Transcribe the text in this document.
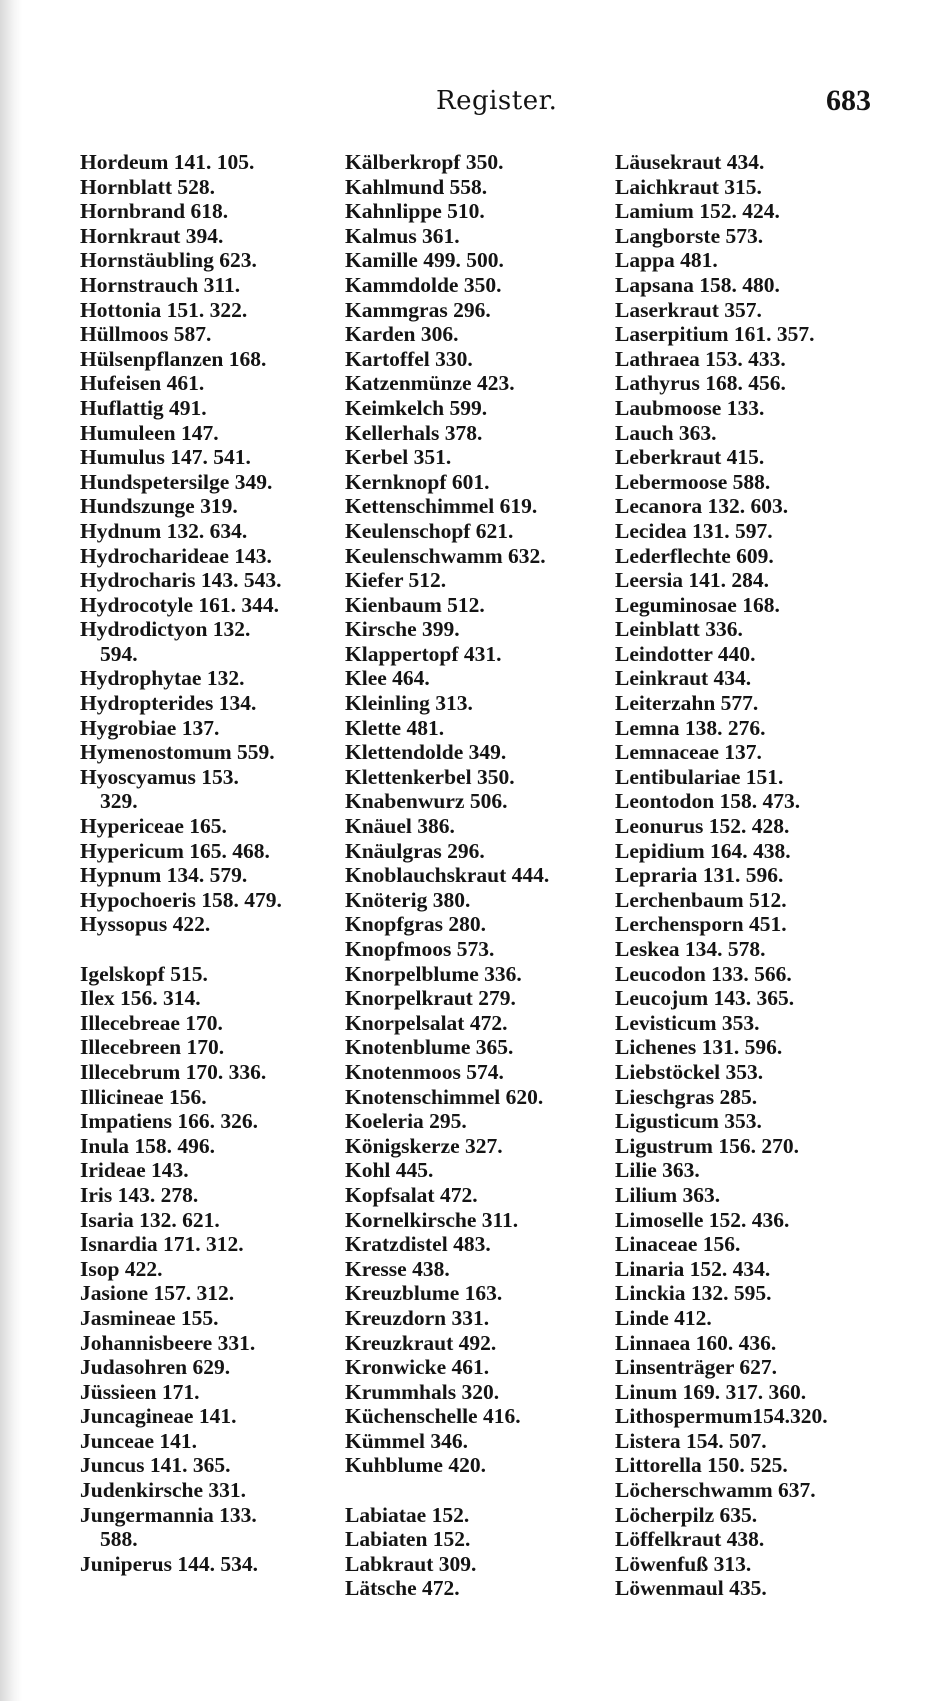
Register.	683
Hordeum 141. 105.
Hornblatt 528.
Hornbrand 618.
Hornkraut 394.
Hornstäubling 623.
Hornstrauch 311.
Hottonia 151. 322.
Hüllmoos 587.
Hülsenpflanzen 168.
Hufeisen 461.
Huflattig 491.
Humuleen 147.
Humulus 147. 541.
Hundspetersilge 349.
Hundszunge 319.
Hydnum 132. 634.
Hydrocharideae 143.
Hydrocharis 143. 543.
Hydrocotyle 161. 344.
Hydrodictyon 132.
594.
Hydrophytae 132.
Hydropterides 134.
Hygrobiae 137.
Hymenostomum 559.
Hyoscyamus 153.
329.
Hypericeae 165.
Hypericum 165. 468.
Hypnum 134. 579.
Hypochoeris 158. 479.
Hyssopus 422.
Igelskopf 515.
Ilex 156. 314.
Illecebreae 170.
Illecebreen 170.
Illecebrum 170. 336.
Illicineae 156.
Impatiens 166. 326.
Inula 158. 496.
Irideae 143.
Iris 143. 278.
Isaria 132. 621.
Isnardia 171. 312.
Isop 422.
Jasione 157. 312.
Jasmineae 155.
Johannisbeere 331.
Judasohren 629.
Jüssieen 171.
Juncagineae 141.
Junceae 141.
Juncus 141. 365.
Judenkirsche 331.
Jungermannia 133.
588.
Juniperus 144. 534.
Kälberkropf 350.
Kahlmund 558.
Kahnlippe 510.
Kalmus 361.
Kamille 499. 500.
Kammdolde 350.
Kammgras 296.
Karden 306.
Kartoffel 330.
Katzenmünze 423.
Keimkelch 599.
Kellerhals 378.
Kerbel 351.
Kernknopf 601.
Kettenschimmel 619.
Keulenschopf 621.
Keulenschwamm 632.
Kiefer 512.
Kienbaum 512.
Kirsche 399.
Klappertopf 431.
Klee 464.
Kleinling 313.
Klette 481.
Klettendolde 349.
Klettenkerbel 350.
Knabenwurz 506.
Knäuel 386.
Knäulgras 296.
Knoblauchskraut 444.
Knöterig 380.
Knopfgras 280.
Knopfmoos 573.
Knorpelblume 336.
Knorpelkraut 279.
Knorpelsalat 472.
Knotenblume 365.
Knotenmoos 574.
Knotenschimmel 620.
Koeleria 295.
Königskerze 327.
Kohl 445.
Kopfsalat 472.
Kornelkirsche 311.
Kratzdistel 483.
Kresse 438.
Kreuzblume 163.
Kreuzdorn 331.
Kreuzkraut 492.
Kronwicke 461.
Krummhals 320.
Küchenschelle 416.
Kümmel 346.
Kuhblume 420.
Labiatae 152.
Labiaten 152.
Labkraut 309.
Lätsche 472.
Läusekraut 434.
Laichkraut 315.
Lamium 152. 424.
Langborste 573.
Lappa 481.
Lapsana 158. 480.
Laserkraut 357.
Laserpitium 161. 357.
Lathraea 153. 433.
Lathyrus 168. 456.
Laubmoose 133.
Lauch 363.
Leberkraut 415.
Lebermoose 588.
Lecanora 132. 603.
Lecidea 131. 597.
Lederflechte 609.
Leersia 141. 284.
Leguminosae 168.
Leinblatt 336.
Leindotter 440.
Leinkraut 434.
Leiterzahn 577.
Lemna 138. 276.
Lemnaceae 137.
Lentibulariae 151.
Leontodon 158. 473.
Leonurus 152. 428.
Lepidium 164. 438.
Lepraria 131. 596.
Lerchenbaum 512.
Lerchensporn 451.
Leskea 134. 578.
Leucodon 133. 566.
Leucojum 143. 365.
Levisticum 353.
Lichenes 131. 596.
Liebstöckel 353.
Lieschgras 285.
Ligusticum 353.
Ligustrum 156. 270.
Lilie 363.
Lilium 363.
Limoselle 152. 436.
Linaceae 156.
Linaria 152. 434.
Linckia 132. 595.
Linde 412.
Linnaea 160. 436.
Linsenträger 627.
Linum 169. 317. 360.
Lithospermum154.320.
Listera 154. 507.
Littorella 150. 525.
Löcherschwamm 637.
Löcherpilz 635.
Löffelkraut 438.
Löwenfuß 313.
Löwenmaul 435.
